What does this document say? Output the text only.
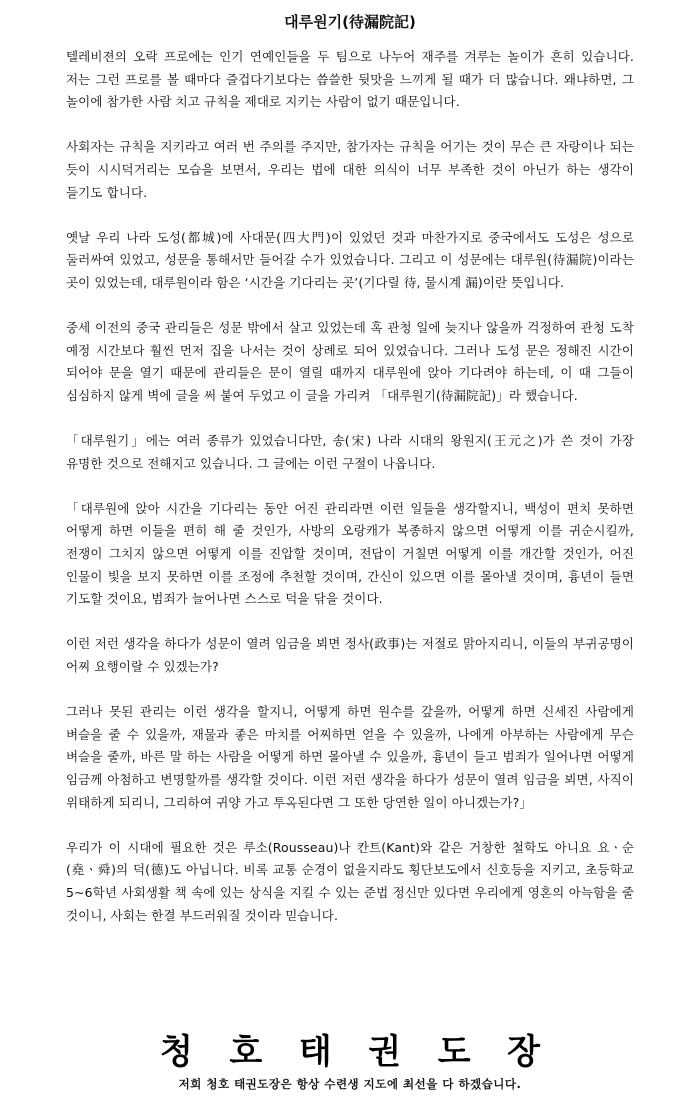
대루원기(待漏院記)

텔레비젼의 오락 프로에는 인기 연예인들을 두 팀으로 나누어 재주를 겨루는 놀이가 흔히 있습니다. 저는 그런 프로를 볼 때마다 즐겁다기보다는 씁쓸한 뒷맛을 느끼게 될 때가 더 많습니다. 왜냐하면, 그 놀이에 참가한 사람 치고 규칙을 제대로 지키는 사람이 없기 때문입니다.

사회자는 규칙을 지키라고 여러 번 주의를 주지만, 참가자는 규칙을 어기는 것이 무슨 큰 자랑이나 되는 듯이 시시덕거리는 모습을 보면서, 우리는 법에 대한 의식이 너무 부족한 것이 아닌가 하는 생각이 들기도 합니다.

옛날 우리 나라 도성(都城)에 사대문(四大門)이 있었던 것과 마찬가지로 중국에서도 도성은 성으로 둘러싸여 있었고, 성문을 통해서만 들어갈 수가 있었습니다. 그리고 이 성문에는 대루원(待漏院)이라는 곳이 있었는데, 대루원이라 함은 ‘시간을 기다리는 곳’(기다릴 待, 물시계 漏)이란 뜻입니다.

중세 이전의 중국 관리들은 성문 밖에서 살고 있었는데 혹 관청 일에 늦지나 않을까 걱정하여 관청 도착 예정 시간보다 훨씬 먼저 집을 나서는 것이 상례로 되어 있었습니다. 그러나 도성 문은 정해진 시간이 되어야 문을 열기 때문에 관리들은 문이 열릴 때까지 대루원에 앉아 기다려야 하는데, 이 때 그들이 심심하지 않게 벽에 글을 써 붙여 두었고 이 글을 가리켜 「대루원기(待漏院記)」라 했습니다.

「대루원기」에는 여러 종류가 있었습니다만, 송(宋) 나라 시대의 왕원지(王元之)가 쓴 것이 가장 유명한 것으로 전해지고 있습니다. 그 글에는 이런 구절이 나옵니다.

「대루원에 앉아 시간을 기다리는 동안 어진 관리라면 이런 일들을 생각할지니, 백성이 편치 못하면 어떻게 하면 이들을 편히 해 줄 것인가, 사방의 오랑캐가 복종하지 않으면 어떻게 이를 귀순시킬까, 전쟁이 그치지 않으면 어떻게 이를 진압할 것이며, 전답이 거칠면 어떻게 이를 개간할 것인가, 어진 인물이 빛을 보지 못하면 이를 조정에 추천할 것이며, 간신이 있으면 이를 몰아낼 것이며, 흉년이 들면 기도할 것이요, 범죄가 늘어나면 스스로 덕을 닦을 것이다.

이런 저런 생각을 하다가 성문이 열려 임금을 뵈면 정사(政事)는 저절로 맑아지리니, 이들의 부귀공명이 어찌 요행이랄 수 있겠는가?

그러나 못된 관리는 이런 생각을 할지니, 어떻게 하면 원수를 갚을까, 어떻게 하면 신세진 사람에게 벼슬을 줄 수 있을까, 재물과 좋은 마치를 어찌하면 얻을 수 있을까, 나에게 아부하는 사람에게 무슨 벼슬을 줄까, 바른 말 하는 사람을 어떻게 하면 몰아낼 수 있을까, 흉년이 들고 범죄가 일어나면 어떻게 임금께 아첨하고 변명할까를 생각할 것이다. 이런 저런 생각을 하다가 성문이 열려 임금을 뵈면, 사직이 위태하게 되리니, 그리하여 귀양 가고 투옥된다면 그 또한 당연한 일이 아니겠는가?」

우리가 이 시대에 필요한 것은 루소(Rousseau)나 칸트(Kant)와 같은 거창한 철학도 아니요 요ㆍ순(堯ㆍ舜)의 덕(德)도 아닙니다. 비록 교통 순경이 없을지라도 횡단보도에서 신호등을 지키고, 초등학교 5~6학년 사회생활 책 속에 있는 상식을 지킬 수 있는 준법 정신만 있다면 우리에게 영혼의 아늑함을 줄 것이니, 사회는 한결 부드러워질 것이라 믿습니다.

청 호 태 권 도 장
저희 청호 태권도장은 항상 수련생 지도에 최선을 다 하겠습니다.
